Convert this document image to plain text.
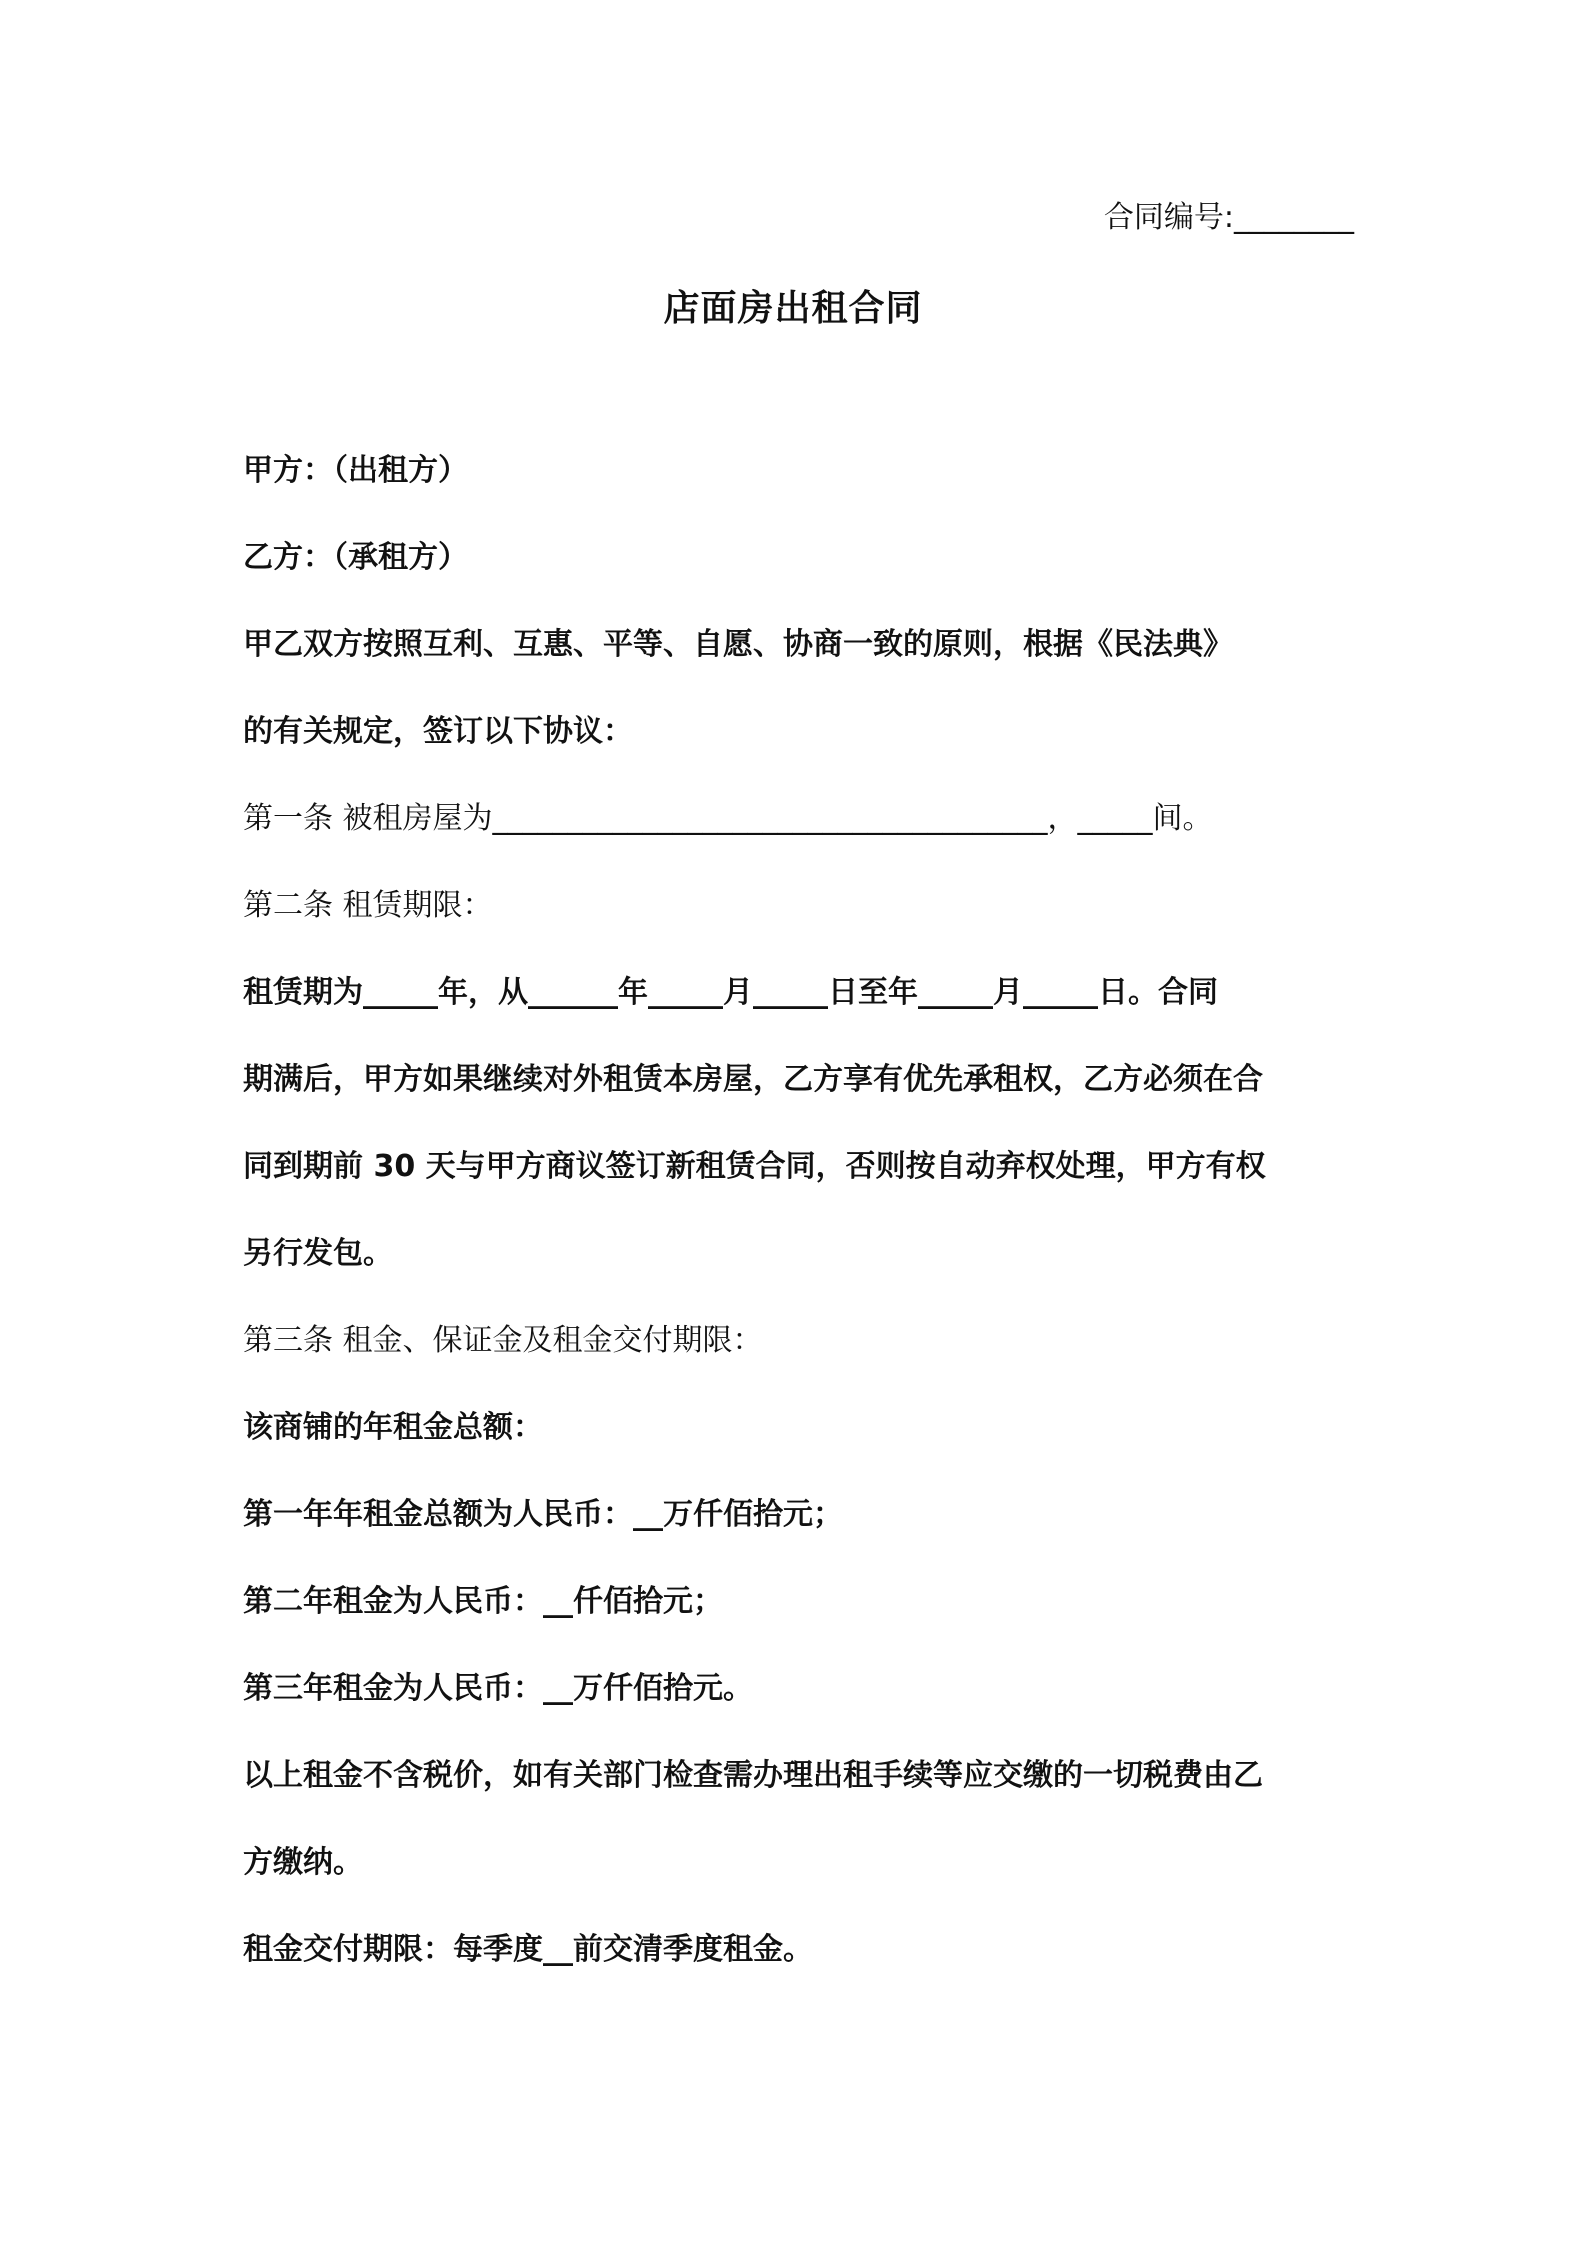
合同编号:________
店面房出租合同
甲方：（出租方）
乙方：（承租方）
甲乙双方按照互利、互惠、平等、自愿、协商一致的原则，根据《民法典》
的有关规定，签订以下协议：
第一条 被租房屋为_____________________________________，_____间。
第二条 租赁期限：
租赁期为_____年，从______年_____月_____日至年_____月_____日。合同
期满后，甲方如果继续对外租赁本房屋，乙方享有优先承租权，乙方必须在合
同到期前 30 天与甲方商议签订新租赁合同，否则按自动弃权处理，甲方有权
另行发包。
第三条 租金、保证金及租金交付期限：
该商铺的年租金总额：
第一年年租金总额为人民币：__万仟佰拾元；
第二年租金为人民币：__仟佰拾元；
第三年租金为人民币：__万仟佰拾元。
以上租金不含税价，如有关部门检查需办理出租手续等应交缴的一切税费由乙
方缴纳。
租金交付期限：每季度__前交清季度租金。
